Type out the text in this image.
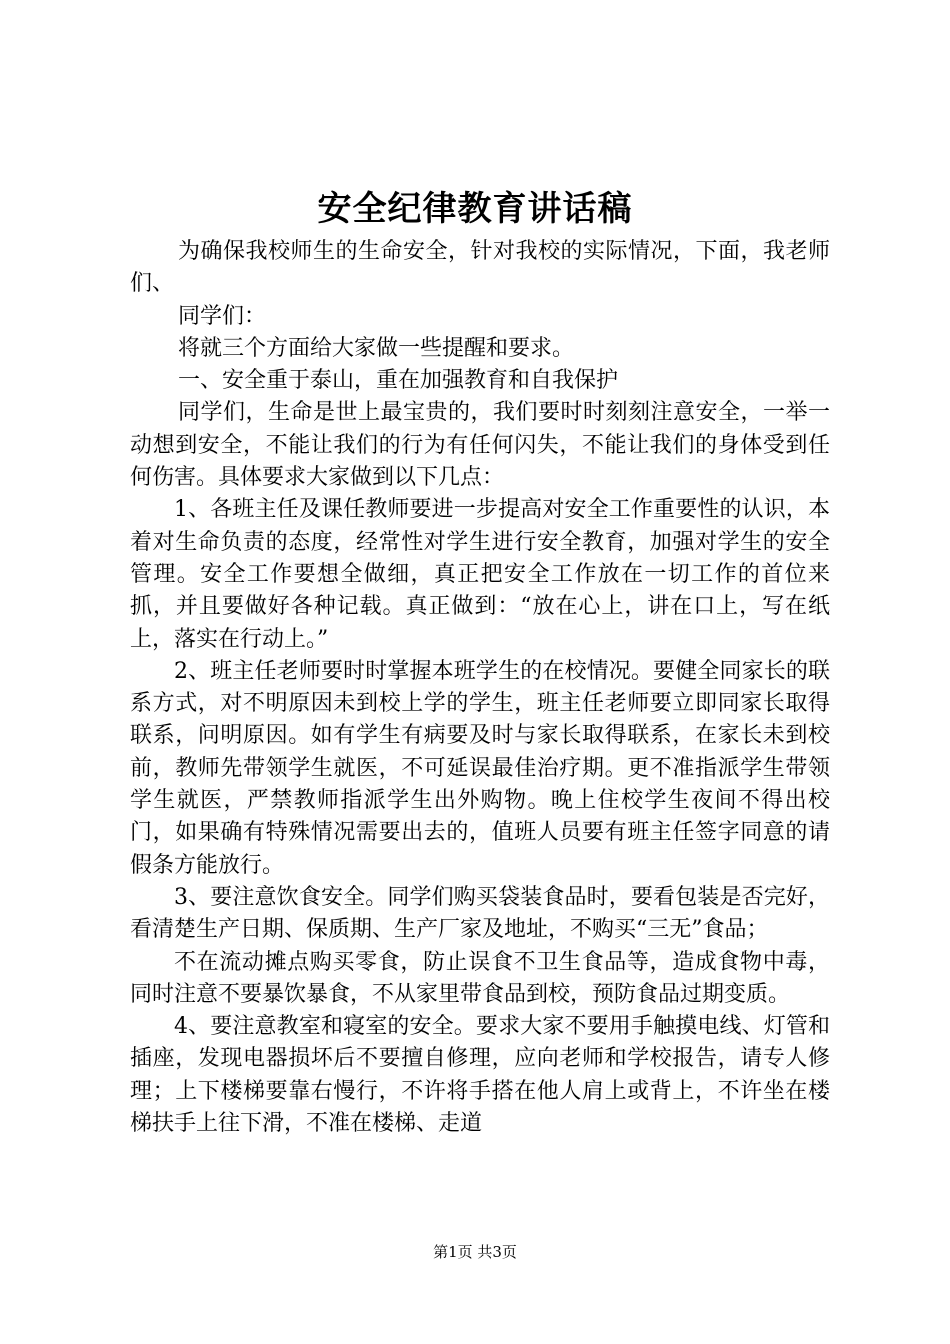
安全纪律教育讲话稿

为确保我校师生的生命安全，针对我校的实际情况，下面，我老师们、

同学们：

将就三个方面给大家做一些提醒和要求。

一、安全重于泰山，重在加强教育和自我保护

同学们，生命是世上最宝贵的，我们要时时刻刻注意安全，一举一动想到安全，不能让我们的行为有任何闪失，不能让我们的身体受到任何伤害。具体要求大家做到以下几点：

1、各班主任及课任教师要进一步提高对安全工作重要性的认识，本着对生命负责的态度，经常性对学生进行安全教育，加强对学生的安全管理。安全工作要想全做细，真正把安全工作放在一切工作的首位来抓，并且要做好各种记载。真正做到：“放在心上，讲在口上，写在纸上，落实在行动上。”

2、班主任老师要时时掌握本班学生的在校情况。要健全同家长的联系方式，对不明原因未到校上学的学生，班主任老师要立即同家长取得联系，问明原因。如有学生有病要及时与家长取得联系，在家长未到校前，教师先带领学生就医，不可延误最佳治疗期。更不准指派学生带领学生就医，严禁教师指派学生出外购物。晚上住校学生夜间不得出校门，如果确有特殊情况需要出去的，值班人员要有班主任签字同意的请假条方能放行。

3、要注意饮食安全。同学们购买袋装食品时，要看包装是否完好，看清楚生产日期、保质期、生产厂家及地址，不购买“三无”食品；

不在流动摊点购买零食，防止误食不卫生食品等，造成食物中毒，同时注意不要暴饮暴食，不从家里带食品到校，预防食品过期变质。

4、要注意教室和寝室的安全。要求大家不要用手触摸电线、灯管和插座，发现电器损坏后不要擅自修理，应向老师和学校报告，请专人修理；上下楼梯要靠右慢行，不许将手搭在他人肩上或背上，不许坐在楼梯扶手上往下滑，不准在楼梯、走道

第1页 共3页
